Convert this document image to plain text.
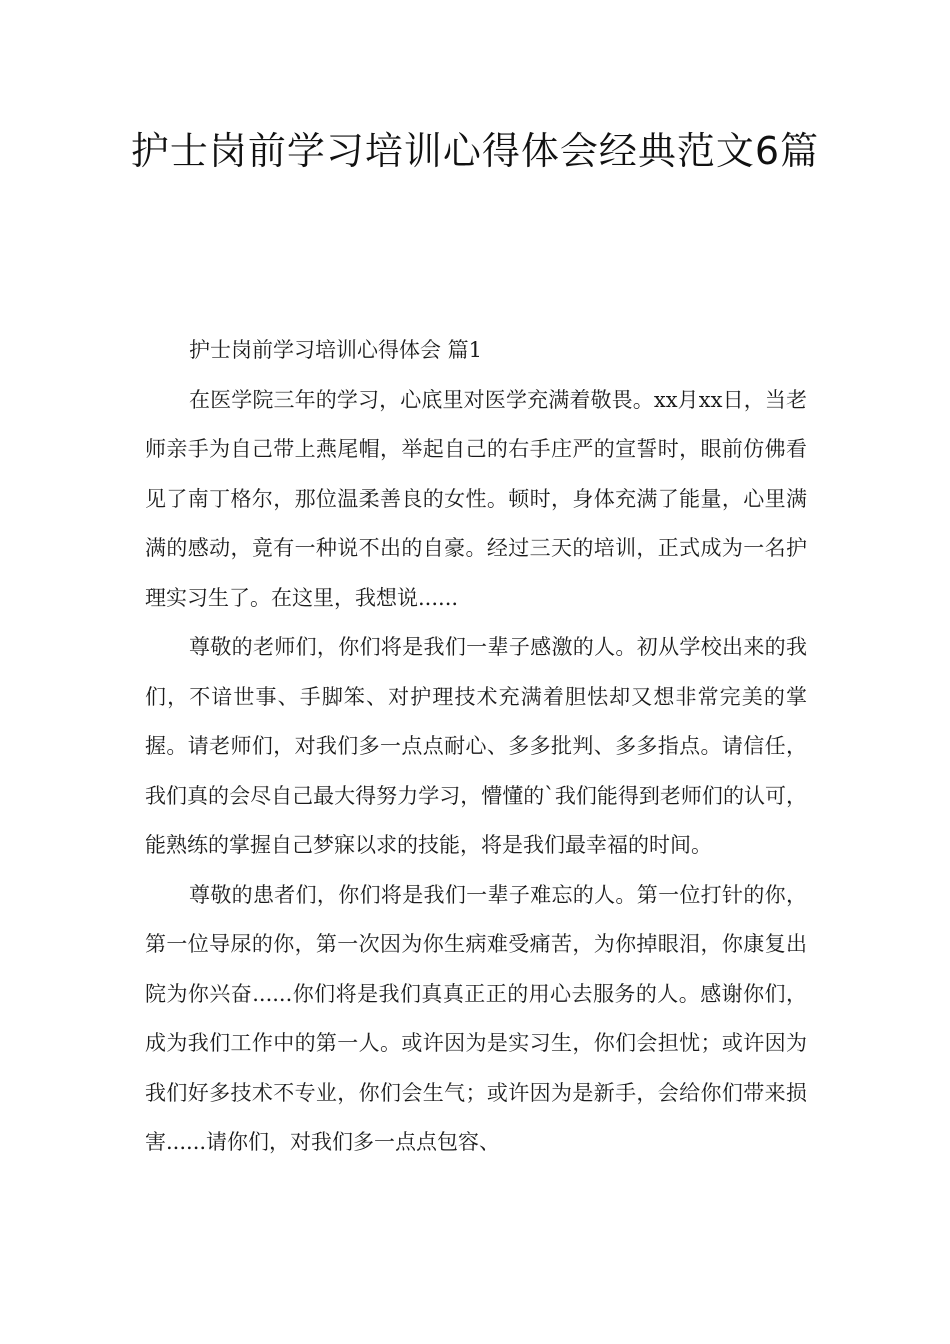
护士岗前学习培训心得体会经典范文6篇

护士岗前学习培训心得体会 篇1

在医学院三年的学习，心底里对医学充满着敬畏。xx月xx日，当老师亲手为自己带上燕尾帽，举起自己的右手庄严的宣誓时，眼前仿佛看见了南丁格尔，那位温柔善良的女性。顿时，身体充满了能量，心里满满的感动，竟有一种说不出的自豪。经过三天的培训，正式成为一名护理实习生了。在这里，我想说......

尊敬的老师们，你们将是我们一辈子感激的人。初从学校出来的我们，不谙世事、手脚笨、对护理技术充满着胆怯却又想非常完美的掌握。请老师们，对我们多一点点耐心、多多批判、多多指点。请信任，我们真的会尽自己最大得努力学习，懵懂的`我们能得到老师们的认可，能熟练的掌握自己梦寐以求的技能，将是我们最幸福的时间。

尊敬的患者们，你们将是我们一辈子难忘的人。第一位打针的你，第一位导尿的你，第一次因为你生病难受痛苦，为你掉眼泪，你康复出院为你兴奋......你们将是我们真真正正的用心去服务的人。感谢你们，成为我们工作中的第一人。或许因为是实习生，你们会担忧；或许因为我们好多技术不专业，你们会生气；或许因为是新手，会给你们带来损害......请你们，对我们多一点点包容、
